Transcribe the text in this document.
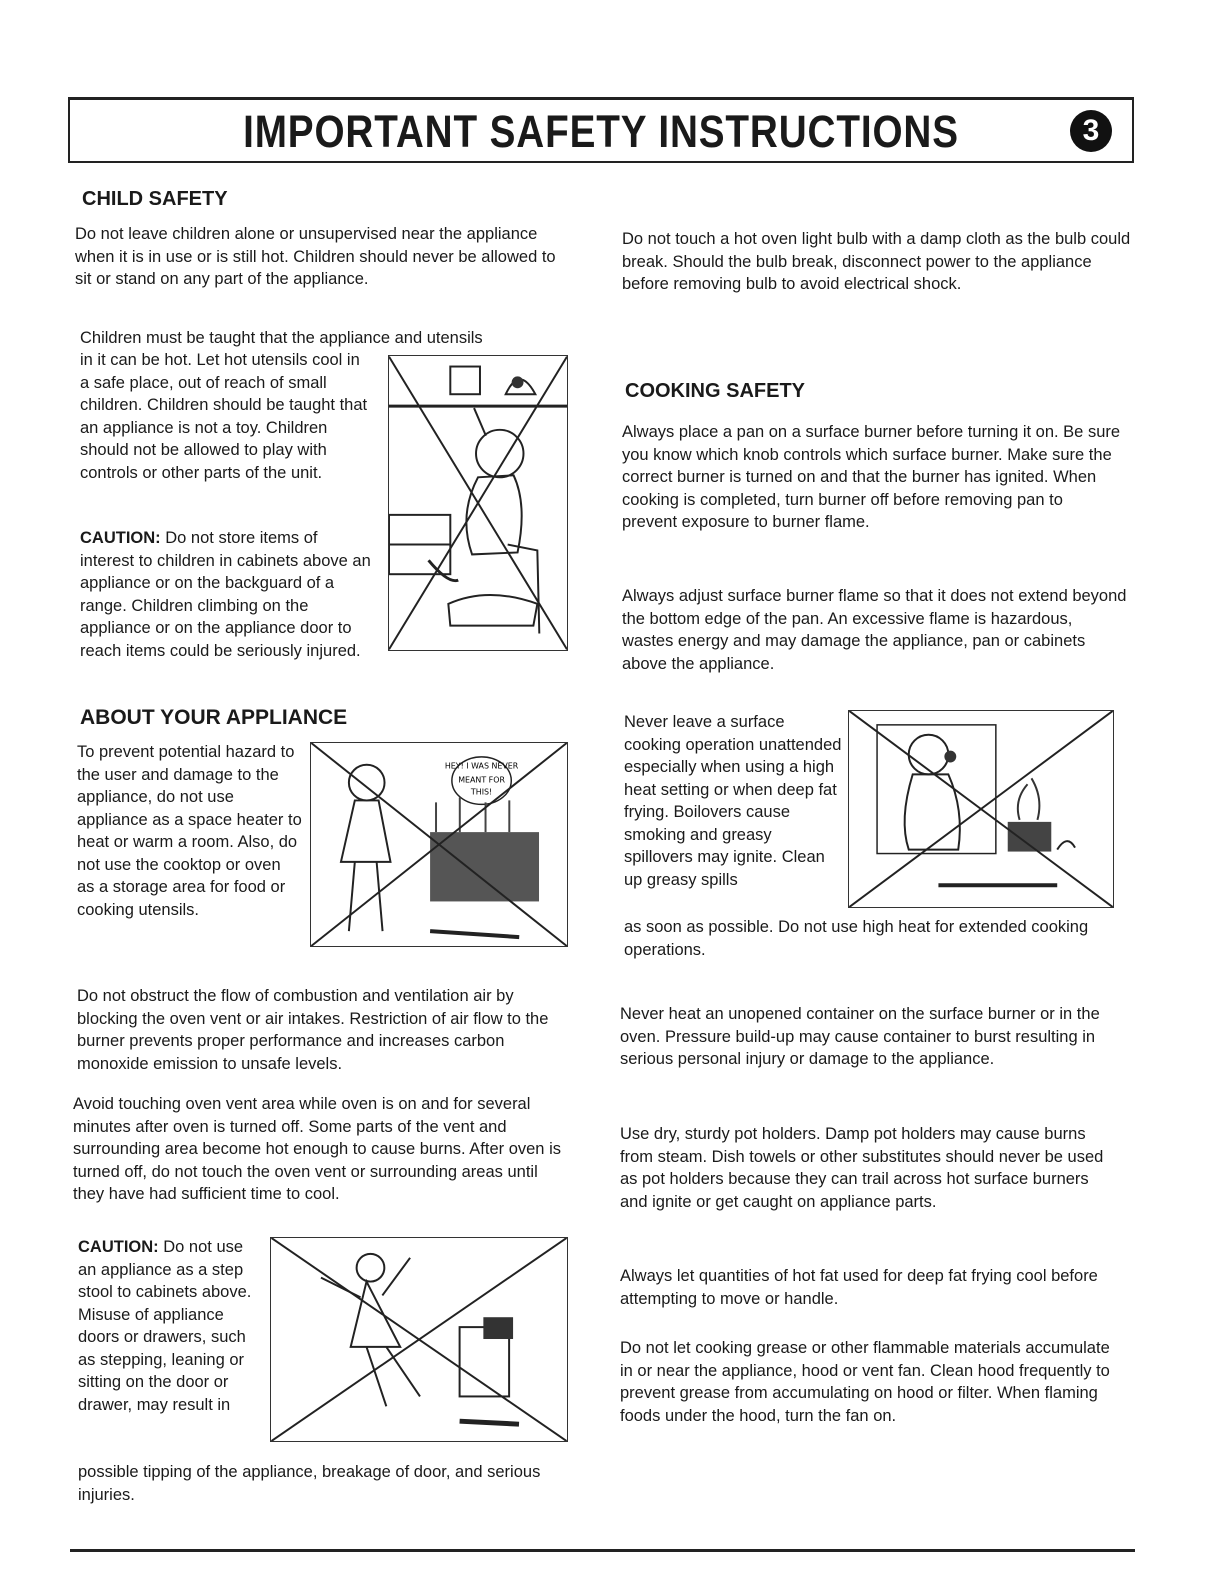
IMPORTANT SAFETY INSTRUCTIONS	3
CHILD SAFETY
Do not leave children alone or unsupervised near the appliance when it is in use or is still hot. Children should never be allowed to sit or stand on any part of the appliance.
Children must be taught that the appliance and utensils
in it can be hot. Let hot utensils cool in a safe place, out of reach of small children. Children should be taught that an appliance is not a toy. Children should not be allowed to play with controls or other parts of the unit.
CAUTION: Do not store items of interest to children in cabinets above an appliance or on the backguard of a range. Children climbing on the appliance or on the appliance door to reach items could be seriously injured.
ABOUT YOUR APPLIANCE
To prevent potential hazard to the user and damage to the appliance, do not use appliance as a space heater to heat or warm a room. Also, do not use the cooktop or oven as a storage area for food or cooking utensils.
HEY! I WAS NEVER
MEANT FOR
THIS!
Do not obstruct the flow of combustion and ventilation air by blocking the oven vent or air intakes. Restriction of air flow to the burner prevents proper performance and increases carbon monoxide emission to unsafe levels.
Avoid touching oven vent area while oven is on and for several minutes after oven is turned off. Some parts of the vent and surrounding area become hot enough to cause burns. After oven is turned off, do not touch the oven vent or surrounding areas until they have had sufficient time to cool.
CAUTION: Do not use an appliance as a step stool to cabinets above. Misuse of appliance doors or drawers, such as stepping, leaning or sitting on the door or drawer, may result in
possible tipping of the appliance, breakage of door, and serious injuries.
Do not touch a hot oven light bulb with a damp cloth as the bulb could break. Should the bulb break, disconnect power to the appliance before removing bulb to avoid electrical shock.
COOKING SAFETY
Always place a pan on a surface burner before turning it on. Be sure you know which knob controls which surface burner. Make sure the correct burner is turned on and that the burner has ignited. When cooking is completed, turn burner off before removing pan to prevent exposure to burner flame.
Always adjust surface burner flame so that it does not extend beyond the bottom edge of the pan. An excessive flame is hazardous, wastes energy and may damage the appliance, pan or cabinets above the appliance.
Never leave a surface cooking operation unattended especially when using a high heat setting or when deep fat frying. Boilovers cause smoking and greasy spillovers may ignite. Clean up greasy spills
as soon as possible. Do not use high heat for extended cooking operations.
Never heat an unopened container on the surface burner or in the oven. Pressure build-up may cause container to burst resulting in serious personal injury or damage to the appliance.
Use dry, sturdy pot holders. Damp pot holders may cause burns from steam. Dish towels or other substitutes should never be used as pot holders because they can trail across hot surface burners and ignite or get caught on appliance parts.
Always let quantities of hot fat used for deep fat frying cool before attempting to move or handle.
Do not let cooking grease or other flammable materials accumulate in or near the appliance, hood or vent fan. Clean hood frequently to prevent grease from accumulating on hood or filter. When flaming foods under the hood, turn the fan on.
